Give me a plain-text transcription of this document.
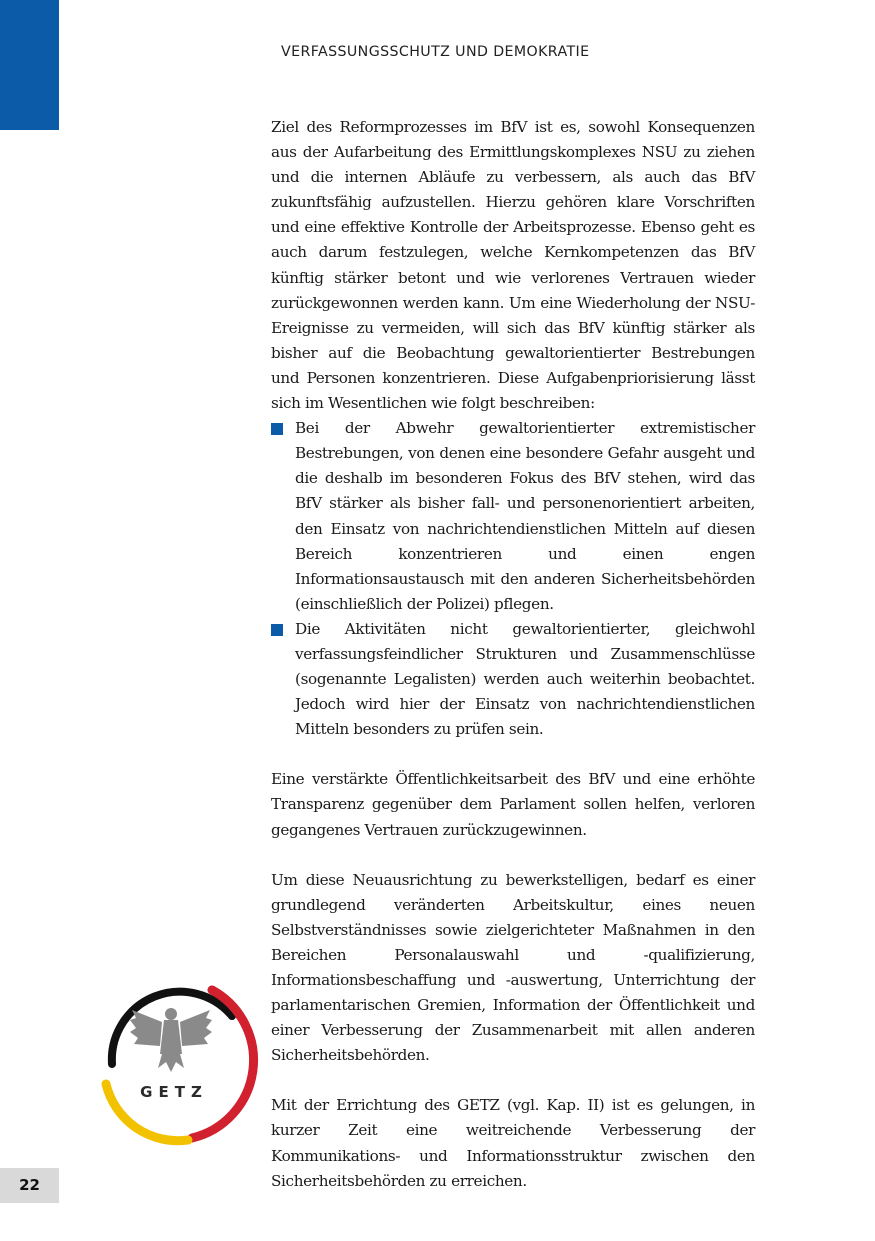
VERFASSUNGSSCHUTZ UND DEMOKRATIE

Ziel des Reformprozesses im BfV ist es, sowohl Konsequenzen aus der Aufarbeitung des Ermittlungskomplexes NSU zu ziehen und die internen Abläufe zu verbessern, als auch das BfV zukunftsfähig aufzustellen. Hierzu gehören klare Vorschriften und eine effektive Kontrolle der Arbeitsprozesse. Ebenso geht es auch darum festzulegen, welche Kernkompetenzen das BfV künftig stärker betont und wie verlorenes Vertrauen wieder zurückgewonnen werden kann. Um eine Wiederholung der NSU-Ereignisse zu vermeiden, will sich das BfV künftig stärker als bisher auf die Beobachtung gewaltorientierter Bestrebungen und Personen konzentrieren. Diese Aufgabenpriorisierung lässt sich im Wesentlichen wie folgt beschreiben:

Bei der Abwehr gewaltorientierter extremistischer Bestrebungen, von denen eine besondere Gefahr ausgeht und die deshalb im besonderen Fokus des BfV stehen, wird das BfV stärker als bisher fall- und personenorientiert arbeiten, den Einsatz von nachrichtendienstlichen Mitteln auf diesen Bereich konzentrieren und einen engen Informationsaustausch mit den anderen Sicherheitsbehörden (einschließlich der Polizei) pflegen.
Die Aktivitäten nicht gewaltorientierter, gleichwohl verfassungsfeindlicher Strukturen und Zusammenschlüsse (sogenannte Legalisten) werden auch weiterhin beobachtet. Jedoch wird hier der Einsatz von nachrichtendienstlichen Mitteln besonders zu prüfen sein.

Eine verstärkte Öffentlichkeitsarbeit des BfV und eine erhöhte Transparenz gegenüber dem Parlament sollen helfen, verloren gegangenes Vertrauen zurückzugewinnen.

Um diese Neuausrichtung zu bewerkstelligen, bedarf es einer grundlegend veränderten Arbeitskultur, eines neuen Selbstverständnisses sowie zielgerichteter Maßnahmen in den Bereichen Personalauswahl und -qualifizierung, Informationsbeschaffung und -auswertung, Unterrichtung der parlamentarischen Gremien, Information der Öffentlichkeit und einer Verbesserung der Zusammenarbeit mit allen anderen Sicherheitsbehörden.

Mit der Errichtung des GETZ (vgl. Kap. II) ist es gelungen, in kurzer Zeit eine weitreichende Verbesserung der Kommunikations- und Informationsstruktur zwischen den Sicherheitsbehörden zu erreichen.

GETZ
22
